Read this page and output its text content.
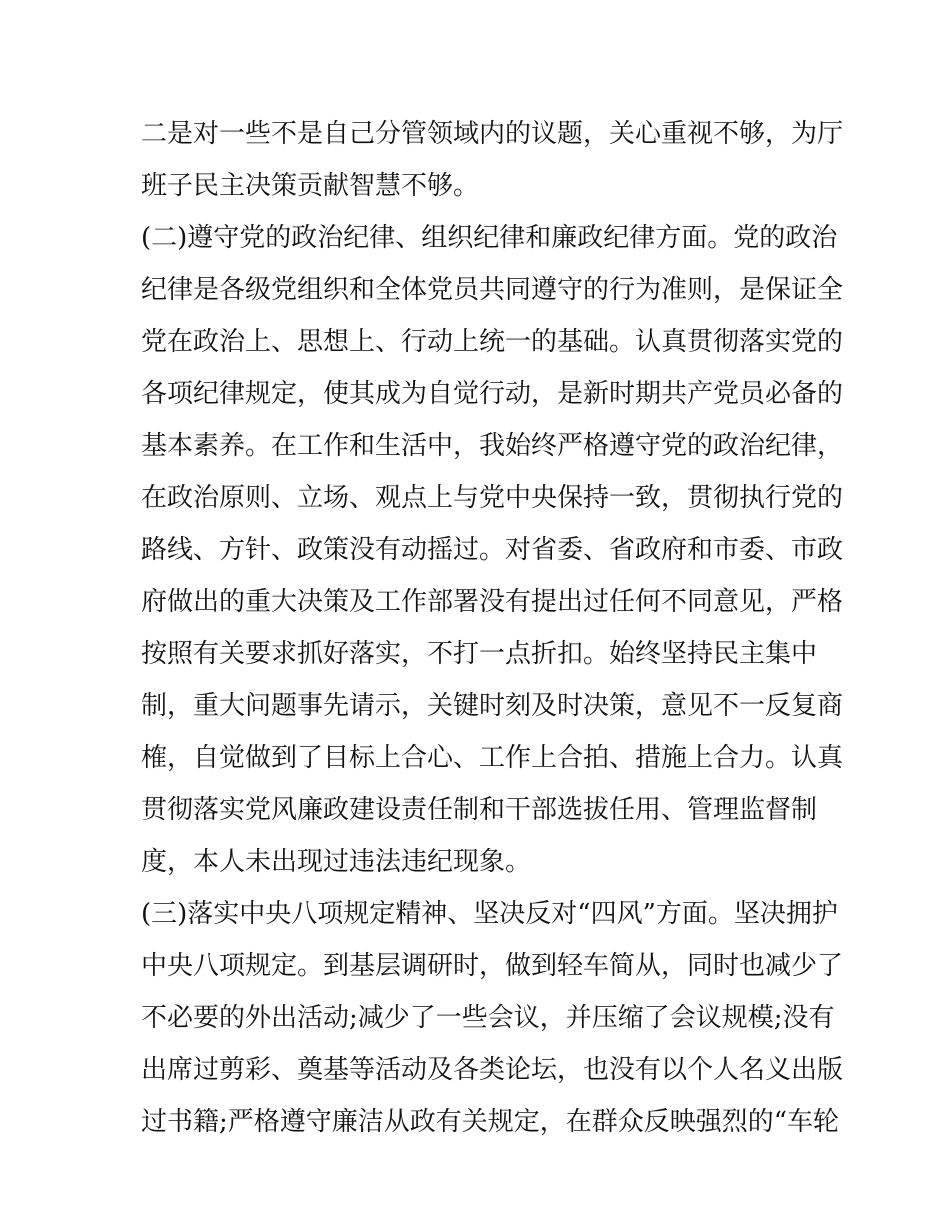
二是对一些不是自己分管领域内的议题，关心重视不够，为厅
班子民主决策贡献智慧不够。
(二)遵守党的政治纪律、组织纪律和廉政纪律方面。党的政治
纪律是各级党组织和全体党员共同遵守的行为准则，是保证全
党在政治上、思想上、行动上统一的基础。认真贯彻落实党的
各项纪律规定，使其成为自觉行动，是新时期共产党员必备的
基本素养。在工作和生活中，我始终严格遵守党的政治纪律，
在政治原则、立场、观点上与党中央保持一致，贯彻执行党的
路线、方针、政策没有动摇过。对省委、省政府和市委、市政
府做出的重大决策及工作部署没有提出过任何不同意见，严格
按照有关要求抓好落实，不打一点折扣。始终坚持民主集中
制，重大问题事先请示，关键时刻及时决策，意见不一反复商
榷，自觉做到了目标上合心、工作上合拍、措施上合力。认真
贯彻落实党风廉政建设责任制和干部选拔任用、管理监督制
度，本人未出现过违法违纪现象。
(三)落实中央八项规定精神、坚决反对“四风”方面。坚决拥护
中央八项规定。到基层调研时，做到轻车简从，同时也减少了
不必要的外出活动;减少了一些会议，并压缩了会议规模;没有
出席过剪彩、奠基等活动及各类论坛，也没有以个人名义出版
过书籍;严格遵守廉洁从政有关规定，在群众反映强烈的“车轮
